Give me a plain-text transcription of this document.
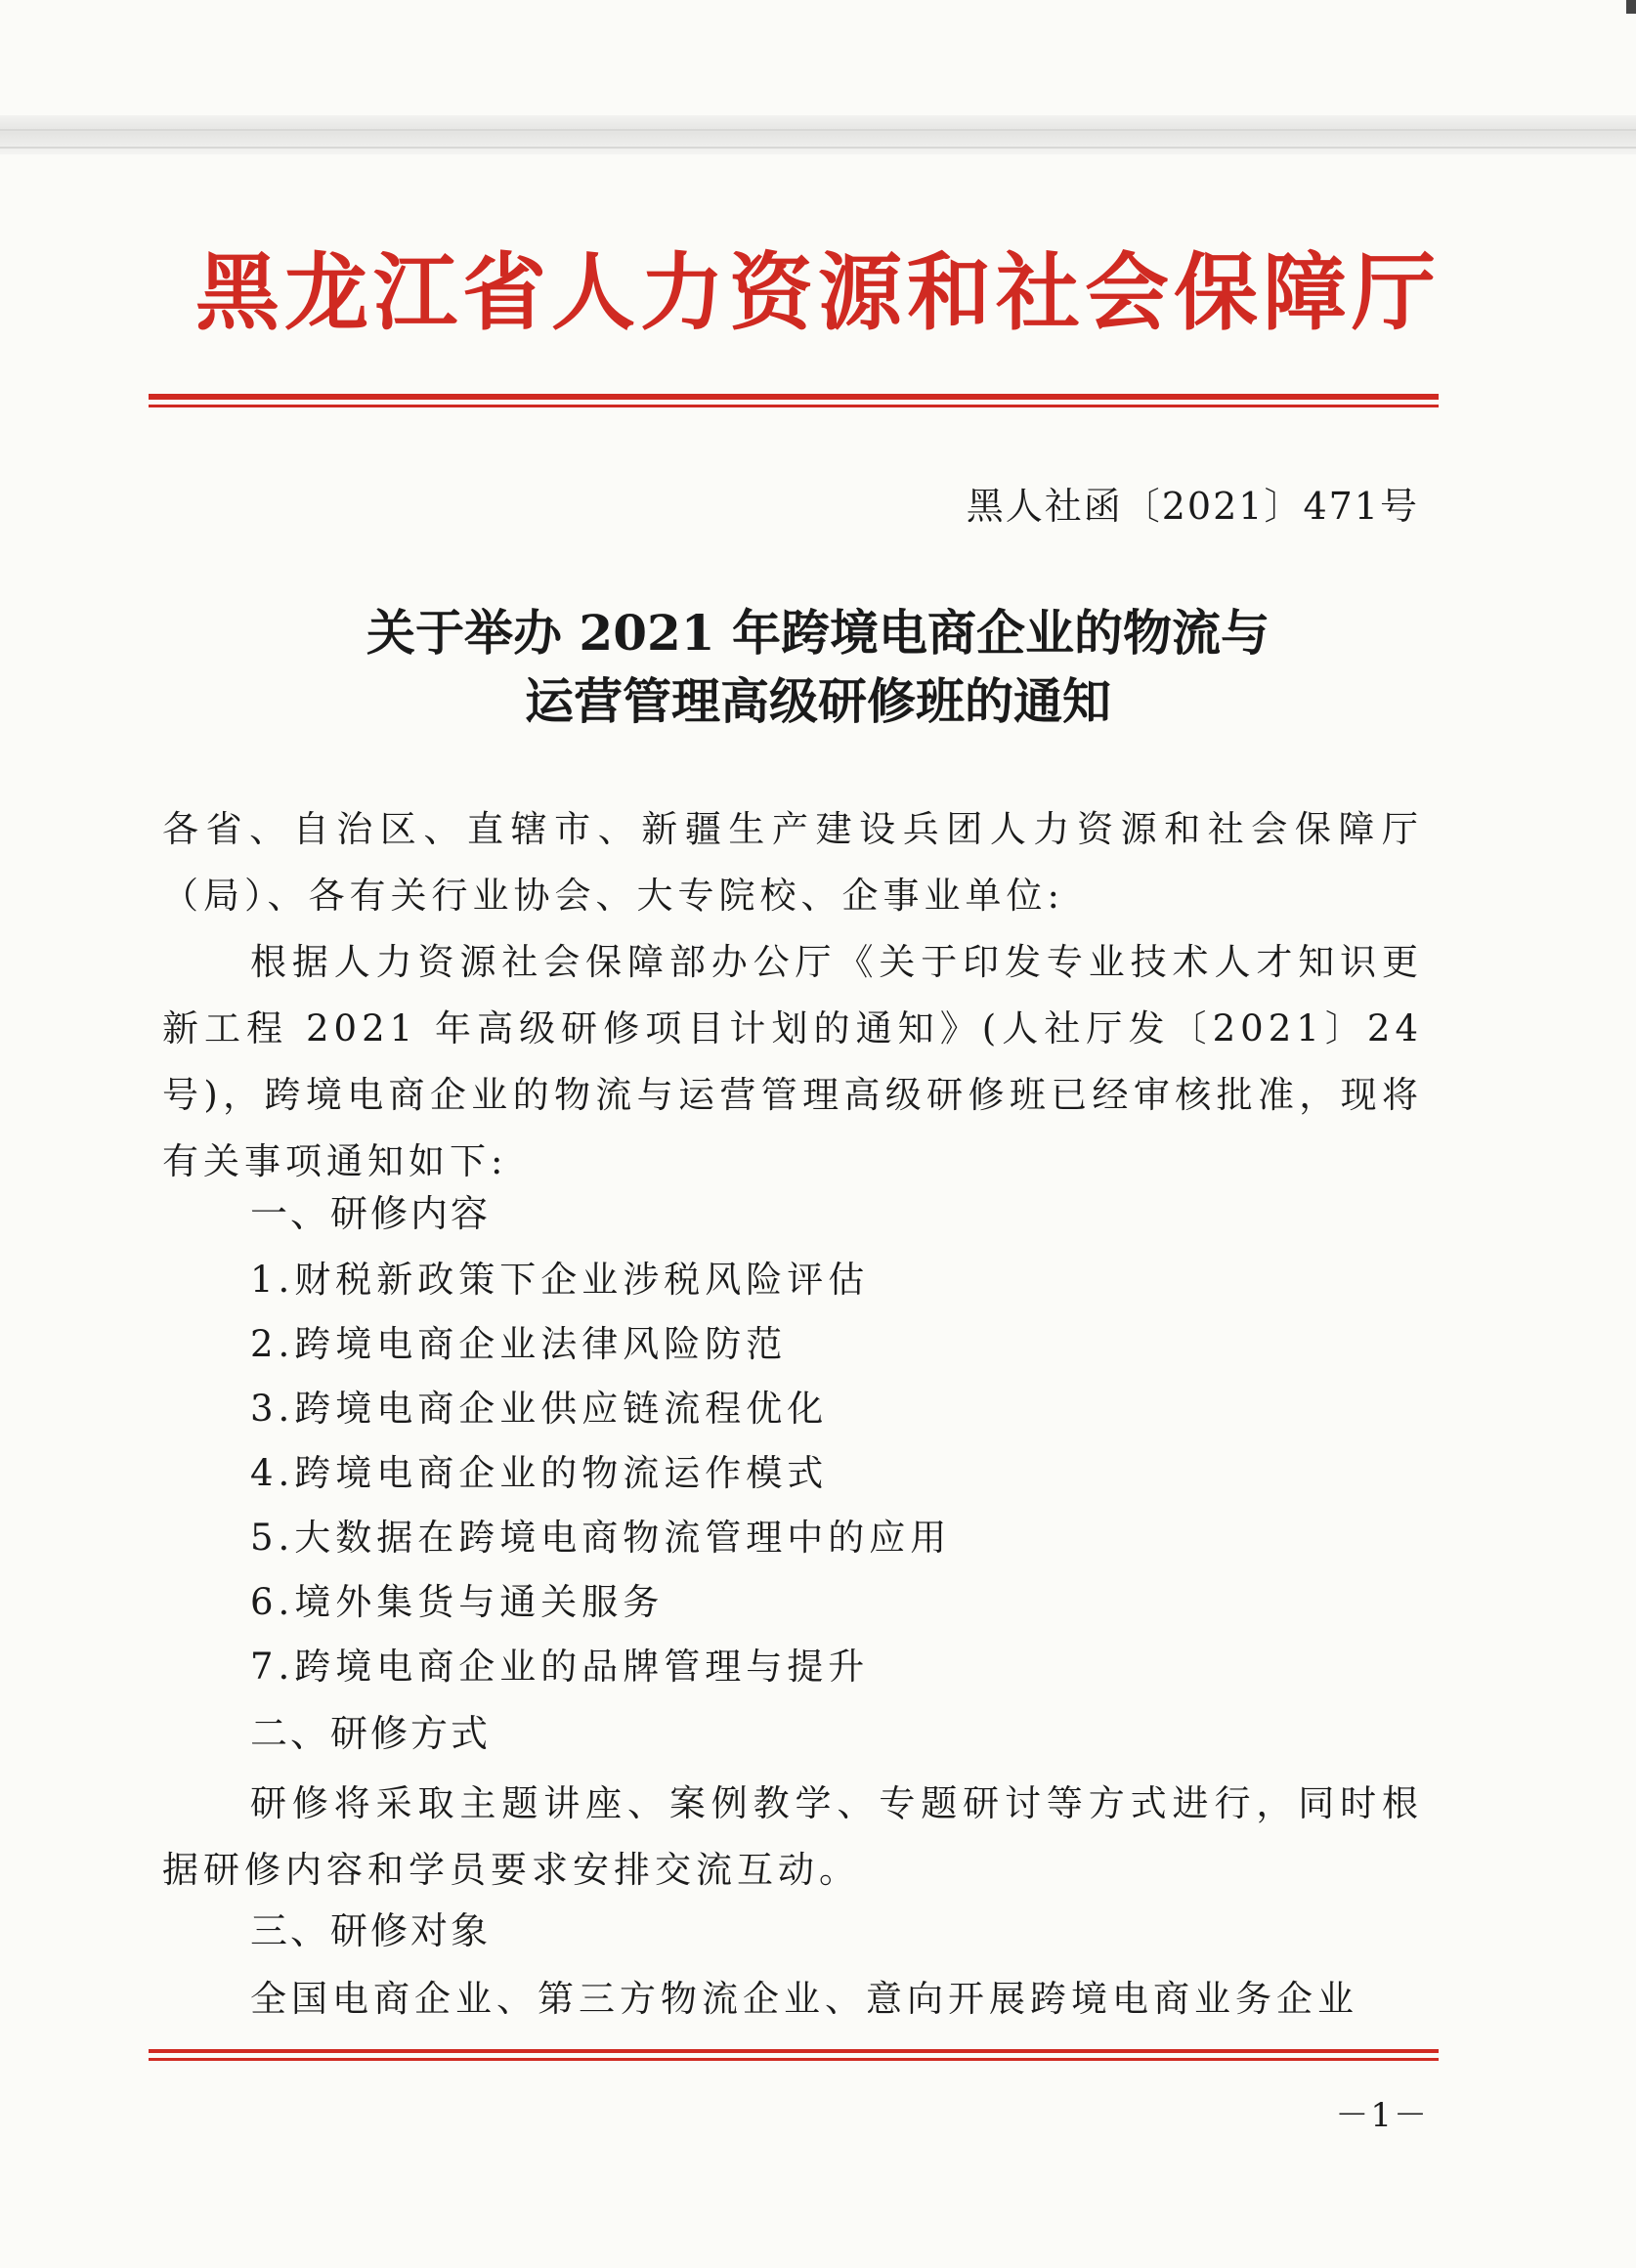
黑龙江省人力资源和社会保障厅
黑人社函〔2021〕471号
关于举办 2021 年跨境电商企业的物流与
运营管理高级研修班的通知
各省、自治区、直辖市、新疆生产建设兵团人力资源和社会保障厅（局）、各有关行业协会、大专院校、企事业单位:
根据人力资源社会保障部办公厅《关于印发专业技术人才知识更新工程 2021 年高级研修项目计划的通知》(人社厅发〔2021〕24 号)，跨境电商企业的物流与运营管理高级研修班已经审核批准，现将有关事项通知如下:
一、研修内容
1.财税新政策下企业涉税风险评估
2.跨境电商企业法律风险防范
3.跨境电商企业供应链流程优化
4.跨境电商企业的物流运作模式
5.大数据在跨境电商物流管理中的应用
6.境外集货与通关服务
7.跨境电商企业的品牌管理与提升
二、研修方式
研修将采取主题讲座、案例教学、专题研讨等方式进行，同时根据研修内容和学员要求安排交流互动。
三、研修对象
全国电商企业、第三方物流企业、意向开展跨境电商业务企业
－1－
